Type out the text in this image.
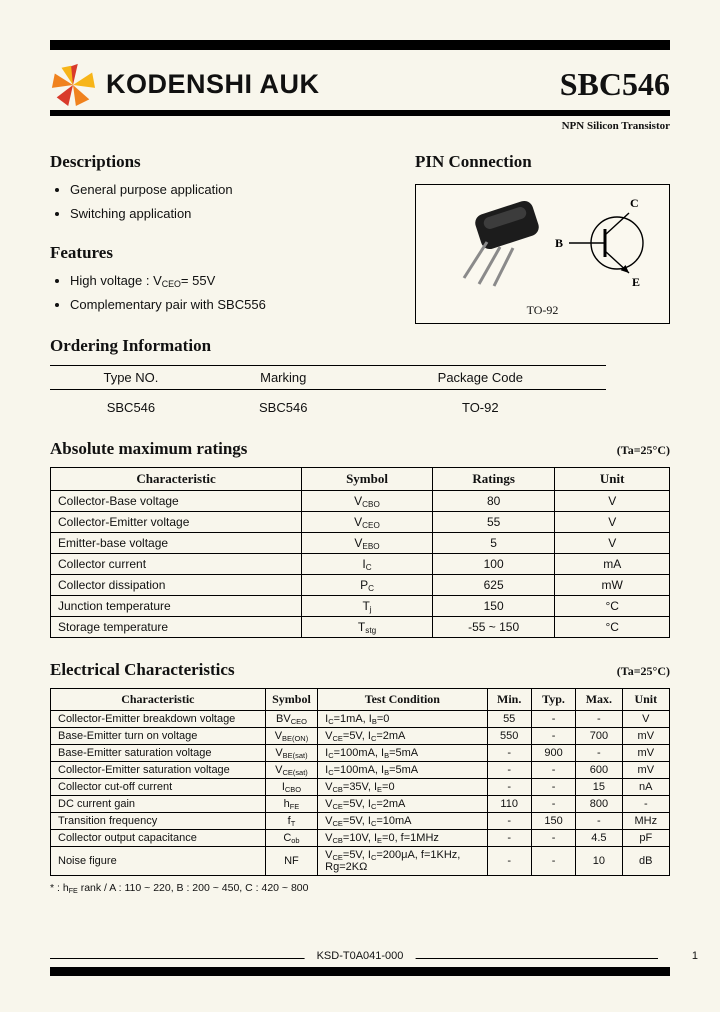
KODENSHI AUK	SBC546
NPN Silicon Transistor
Descriptions
• General purpose application
• Switching application
Features
• High voltage : $V_{CEO}= 55V$
• Complementary pair with SBC556
PIN Connection
B
C
E
TO-92
Ordering Information
Type NO.	Marking	Package Code
SBC546	SBC546	TO-92
Absolute maximum ratings	(Ta=25°C)
Characteristic	Symbol	Ratings	Unit
Collector-Base voltage	$V_{CBO}$	80	V
Collector-Emitter voltage	$V_{CEO}$	55	V
Emitter-base voltage	$V_{EBO}$	5	V
Collector current	$I_C$	100	mA
Collector dissipation	$P_C$	625	mW
Junction temperature	$T_j$	150	°C
Storage temperature	$T_{stg}$	-55 ~ 150	°C
Electrical Characteristics	(Ta=25°C)
Characteristic	Symbol	Test Condition	Min.	Typ.	Max.	Unit
Collector-Emitter breakdown voltage	$BV_{CEO}$	$I_C=1mA$, $I_B=0$	55	-	-	V
Base-Emitter turn on voltage	$V_{BE(ON)}$	$V_{CE}=5V$, $I_C=2mA$	550	-	700	mV
Base-Emitter saturation voltage	$V_{BE(sat)}$	$I_C=100mA$, $I_B=5mA$	-	900	-	mV
Collector-Emitter saturation voltage	$V_{CE(sat)}$	$I_C=100mA$, $I_B=5mA$	-	-	600	mV
Collector cut-off current	$I_{CBO}$	$V_{CB}=35V$, $I_E=0$	-	-	15	nA
DC current gain	$h_{FE}$	$V_{CE}=5V$, $I_C=2mA$	110	-	800	-
Transition frequency	$f_T$	$V_{CE}=5V$, $I_C=10mA$	-	150	-	MHz
Collector output capacitance	$C_{ob}$	$V_{CB}=10V$, $I_E=0$, f=1MHz	-	-	4.5	pF
Noise figure	NF	$V_{CE}=5V$, $I_C=200\mu A$, f=1KHz, Rg=2KΩ	-	-	10	dB
* : $h_{FE}$ rank / A : 110 ~ 220, B : 200 ~ 450, C : 420 ~ 800
KSD-T0A041-000	1
